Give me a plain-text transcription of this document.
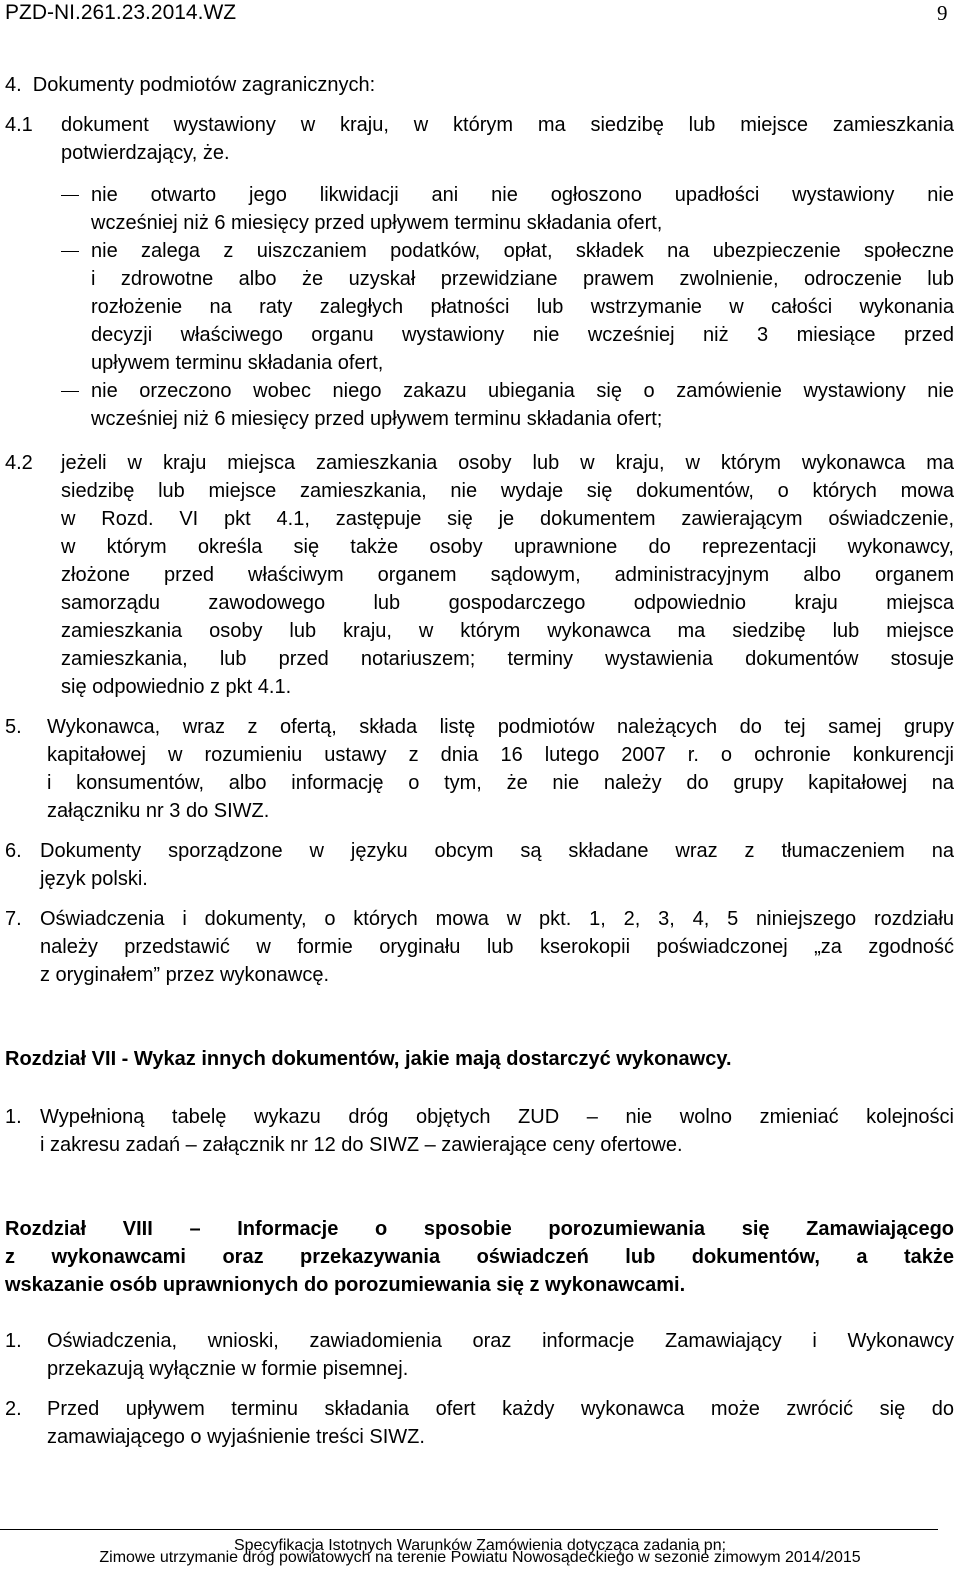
PZD-NI.261.23.2014.WZ	9
4.  Dokumenty podmiotów zagranicznych:
4.1 dokument wystawiony w kraju, w którym ma siedzibę lub miejsce zamieszkania
potwierdzający, że.
nie otwarto jego likwidacji ani nie ogłoszono upadłości wystawiony nie
wcześniej niż 6 miesięcy przed upływem terminu składania ofert,
nie zalega z uiszczaniem podatków, opłat, składek na ubezpieczenie społeczne
i zdrowotne albo że uzyskał przewidziane prawem zwolnienie, odroczenie lub
rozłożenie na raty zaległych płatności lub wstrzymanie w całości wykonania
decyzji właściwego organu wystawiony nie wcześniej niż 3 miesiące przed
upływem terminu składania ofert,
nie orzeczono wobec niego zakazu ubiegania się o zamówienie wystawiony nie
wcześniej niż 6 miesięcy przed upływem terminu składania ofert;
4.2 jeżeli w kraju miejsca zamieszkania osoby lub w kraju, w którym wykonawca ma
siedzibę lub miejsce zamieszkania, nie wydaje się dokumentów, o których mowa
w Rozd. VI pkt 4.1, zastępuje się je dokumentem zawierającym oświadczenie,
w którym określa się także osoby uprawnione do reprezentacji wykonawcy,
złożone przed właściwym organem sądowym, administracyjnym albo organem
samorządu zawodowego lub gospodarczego odpowiednio kraju miejsca
zamieszkania osoby lub kraju, w którym wykonawca ma siedzibę lub miejsce
zamieszkania, lub przed notariuszem; terminy wystawienia dokumentów stosuje
się odpowiednio z pkt 4.1.
5. Wykonawca, wraz z ofertą, składa listę podmiotów należących do tej samej grupy
kapitałowej w rozumieniu ustawy z dnia 16 lutego 2007 r. o ochronie konkurencji
i konsumentów, albo informację o tym, że nie należy do grupy kapitałowej na
załączniku nr 3 do SIWZ.
6. Dokumenty sporządzone w języku obcym są składane wraz z tłumaczeniem na
język polski.
7. Oświadczenia i dokumenty, o których mowa w pkt. 1, 2, 3, 4, 5 niniejszego rozdziału
należy przedstawić w formie oryginału lub kserokopii poświadczonej „za zgodność
z oryginałem” przez wykonawcę.
Rozdział VII - Wykaz innych dokumentów, jakie mają dostarczyć wykonawcy.
1. Wypełnioną tabelę wykazu dróg objętych ZUD – nie wolno zmieniać kolejności
i zakresu zadań – załącznik nr 12 do SIWZ – zawierające ceny ofertowe.
Rozdział VIII – Informacje o sposobie porozumiewania się Zamawiającego
z wykonawcami oraz przekazywania oświadczeń lub dokumentów, a także
wskazanie osób uprawnionych do porozumiewania się z wykonawcami.
1. Oświadczenia, wnioski, zawiadomienia oraz informacje Zamawiający i Wykonawcy
przekazują wyłącznie w formie pisemnej.
2. Przed upływem terminu składania ofert każdy wykonawca może zwrócić się do
zamawiającego o wyjaśnienie treści SIWZ.
Specyfikacja Istotnych Warunków Zamówienia dotycząca zadania pn:
Zimowe utrzymanie dróg powiatowych na terenie Powiatu Nowosądeckiego w sezonie zimowym 2014/2015
